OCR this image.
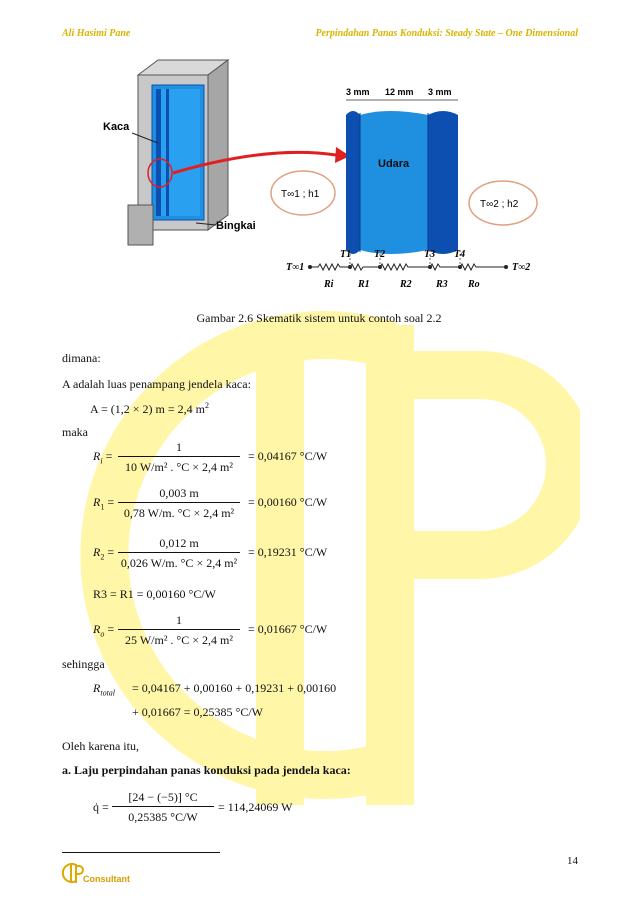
Ali Hasimi Pane	Perpindahan Panas Konduksi: Steady State – One Dimensional
Kaca
Bingkai
3 mm 12 mm 3 mm
Udara
T∞1 ; h1
T∞2 ; h2
T∞1
T1 T2	T3 T4
T∞2
Ri R1	R2 R3 Ro
Gambar 2.6 Skematik sistem untuk contoh soal 2.2
dimana:
A adalah luas penampang jendela kaca:
A = (1,2 × 2) m = 2,4 $m^2$
maka
$R_i$ =
1
10 W/m² . °C × 2,4 m²
= 0,04167 °C/W
$R_1$ =
0,003 m
0,78 W/m. °C × 2,4 m²
= 0,00160 °C/W
$R_2$ =
0,012 m
0,026 W/m. °C × 2,4 m²
= 0,19231 °C/W
R3 = R1 = 0,00160 °C/W
$R_o$ =
1
25 W/m² . °C × 2,4 m²
= 0,01667 °C/W
sehingga
$R_{total} = 0,04167 + 0,00160 + 0,19231 + 0,00160$
+ 0,01667 = 0,25385 °C/W
Oleh karena itu,
a. Laju perpindahan panas konduksi pada jendela kaca:
q̇ =
[24 − (−5)] °C
0,25385 °C/W
= 114,24069 W
14
Consultant
